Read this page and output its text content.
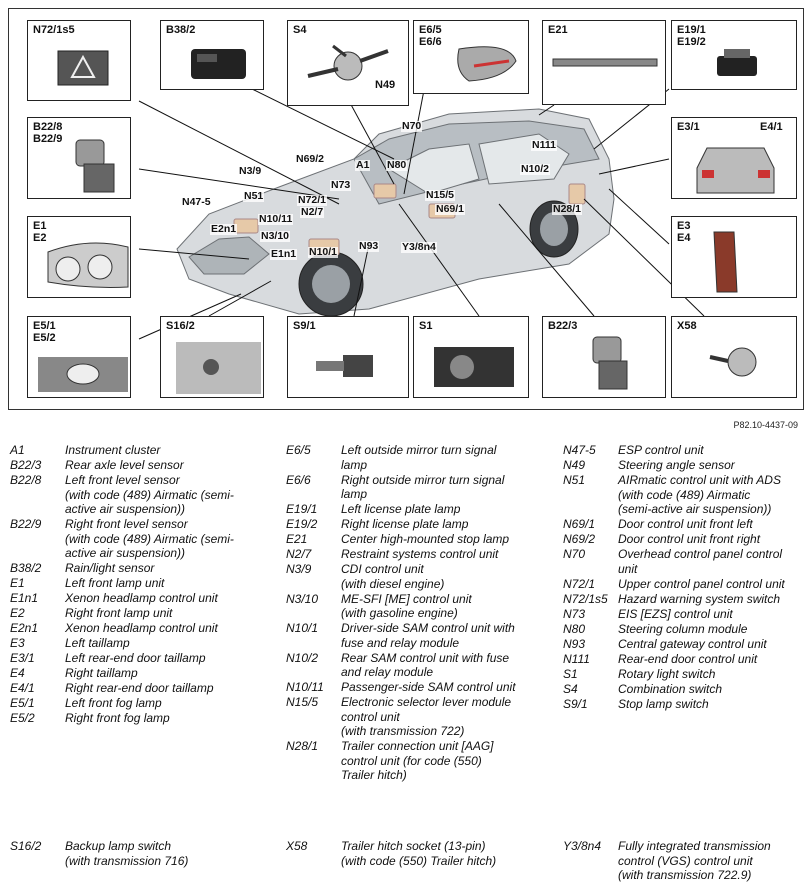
N72/1s5	B38/2	S4
N49
E6/5
E6/6
E21	E19/1
E19/2
B22/8
B22/9
E3/1	E4/1
E1
E2
E3
E4
E5/1
E5/2
S16/2	S9/1	S1	B22/3	X58
N70
N69/2	A1 N80
N111
N3/9
N73
N10/2
N51	N72/1	N15/5
N47-5
N2/7	N69/1
N10/11
E2n1
N28/1
N3/10
N93 Y3/8n4
E1n1 N10/1
P82.10-4437-09
A1	Instrument cluster
B22/3 Rear axle level sensor
B22/8 Left front level sensor
(with code (489) Airmatic (semi-
active air suspension))
B22/9 Right front level sensor
(with code (489) Airmatic (semi-
active air suspension))
B38/2 Rain/light sensor
E1	Left front lamp unit
E1n1 Xenon headlamp control unit
E2	Right front lamp unit
E2n1 Xenon headlamp control unit
E3	Left taillamp
E3/1	Left rear-end door taillamp
E4	Right taillamp
E4/1	Right rear-end door taillamp
E5/1	Left front fog lamp
E5/2	Right front fog lamp
E6/5	Left outside mirror turn signal
lamp
E6/6	Right outside mirror turn signal
lamp
E19/1 Left license plate lamp
E19/2 Right license plate lamp
E21	Center high-mounted stop lamp
N2/7 Restraint systems control unit
N3/9 CDI control unit
(with diesel engine)
N3/10 ME-SFI [ME] control unit
(with gasoline engine)
N10/1 Driver-side SAM control unit with
fuse and relay module
N10/2 Rear SAM control unit with fuse
and relay module
N10/11 Passenger-side SAM control unit
N15/5 Electronic selector lever module
control unit
(with transmission 722)
N28/1 Trailer connection unit [AAG]
control unit (for code (550)
Trailer hitch)
N47-5 ESP control unit
N49	Steering angle sensor
N51	AIRmatic control unit with ADS
(with code (489) Airmatic
(semi-active air suspension))
N69/1 Door control unit front left
N69/2 Door control unit front right
N70	Overhead control panel control
unit
N72/1 Upper control panel control unit
N72/1s5 Hazard warning system switch
N73	EIS [EZS] control unit
N80	Steering column module
N93	Central gateway control unit
N111 Rear-end door control unit
S1	Rotary light switch
S4	Combination switch
S9/1	Stop lamp switch
S16/2 Backup lamp switch
(with transmission 716)
X58	Trailer hitch socket (13-pin)
(with code (550) Trailer hitch)
Y3/8n4 Fully integrated transmission
control (VGS) control unit
(with transmission 722.9)
